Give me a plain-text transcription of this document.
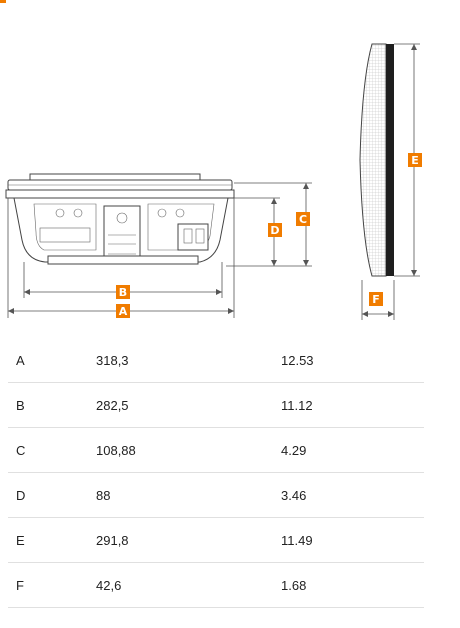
B
A
D
C
E
F
A	318,3	12.53
B	282,5	11.12
C	108,88	4.29
D	88	3.46
E	291,8	11.49
F	42,6	1.68
